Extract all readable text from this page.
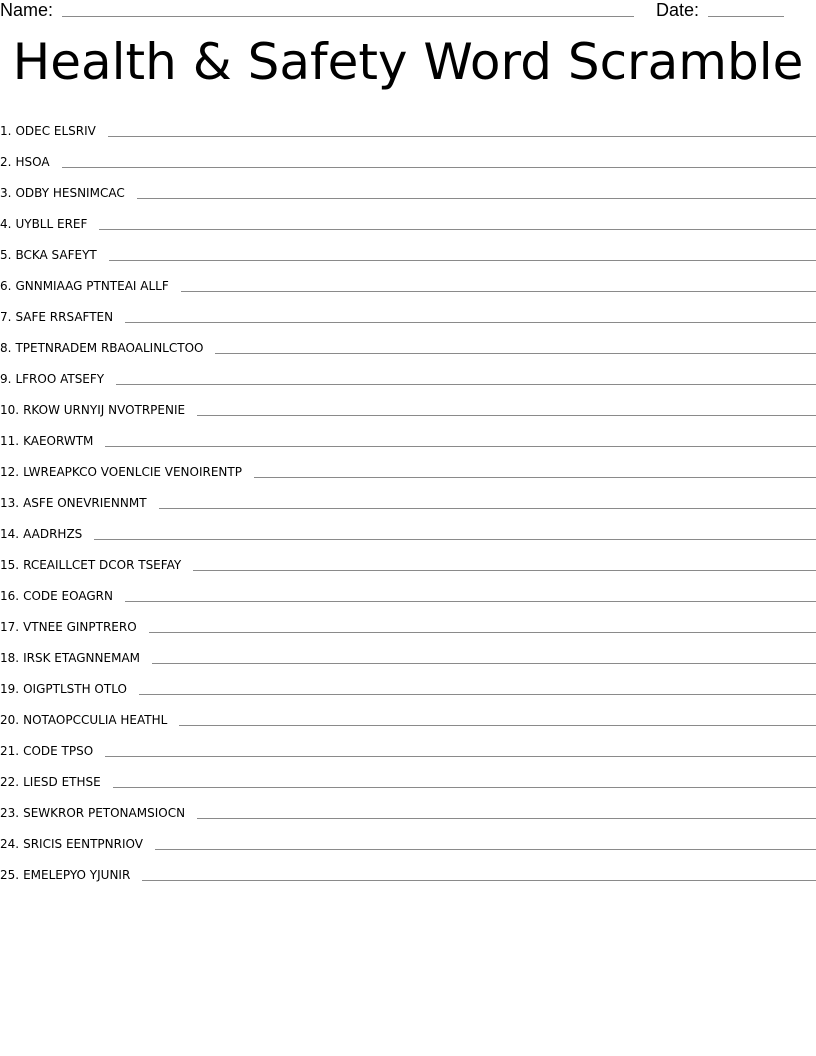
Name:	Date:
Health & Safety Word Scramble
1. ODEC ELSRIV
2. HSOA
3. ODBY HESNIMCAC
4. UYBLL EREF
5. BCKA SAFEYT
6. GNNMIAAG PTNTEAI ALLF
7. SAFE RRSAFTEN
8. TPETNRADEM RBAOALINLCTOO
9. LFROO ATSEFY
10. RKOW URNYIJ NVOTRPENIE
11. KAEORWTM
12. LWREAPKCO VOENLCIE VENOIRENTP
13. ASFE ONEVRIENNMT
14. AADRHZS
15. RCEAILLCET DCOR TSEFAY
16. CODE EOAGRN
17. VTNEE GINPTRERO
18. IRSK ETAGNNEMAM
19. OIGPTLSTH OTLO
20. NOTAOPCCULIA HEATHL
21. CODE TPSO
22. LIESD ETHSE
23. SEWKROR PETONAMSIOCN
24. SRICIS EENTPNRIOV
25. EMELEPYO YJUNIR
